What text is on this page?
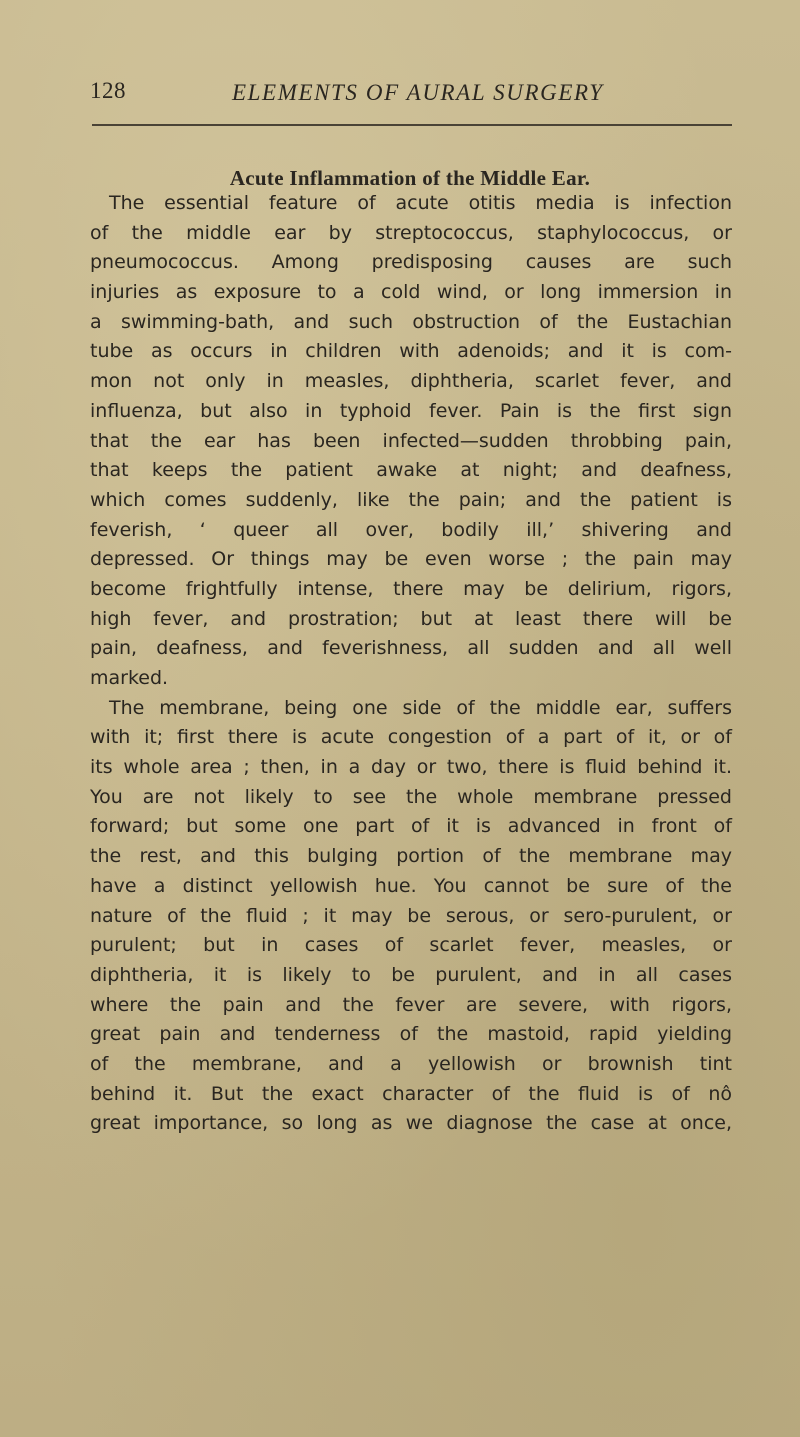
128	ELEMENTS OF AURAL SURGERY
Acute Inflammation of the Middle Ear.
The essential feature of acute otitis media is infection
of the middle ear by streptococcus, staphylococcus, or
pneumococcus. Among predisposing causes are such
injuries as exposure to a cold wind, or long immersion in
a swimming-bath, and such obstruction of the Eustachian
tube as occurs in children with adenoids; and it is com-
mon not only in measles, diphtheria, scarlet fever, and
influenza, but also in typhoid fever. Pain is the first sign
that the ear has been infected—sudden throbbing pain,
that keeps the patient awake at night; and deafness,
which comes suddenly, like the pain; and the patient is
feverish, ‘ queer all over, bodily ill,’ shivering and
depressed. Or things may be even worse ; the pain may
become frightfully intense, there may be delirium, rigors,
high fever, and prostration; but at least there will be
pain, deafness, and feverishness, all sudden and all well
marked.
The membrane, being one side of the middle ear, suffers
with it; first there is acute congestion of a part of it, or of
its whole area ; then, in a day or two, there is fluid behind it.
You are not likely to see the whole membrane pressed
forward; but some one part of it is advanced in front of
the rest, and this bulging portion of the membrane may
have a distinct yellowish hue. You cannot be sure of the
nature of the fluid ; it may be serous, or sero-purulent, or
purulent; but in cases of scarlet fever, measles, or
diphtheria, it is likely to be purulent, and in all cases
where the pain and the fever are severe, with rigors,
great pain and tenderness of the mastoid, rapid yielding
of the membrane, and a yellowish or brownish tint
behind it. But the exact character of the fluid is of nô
great importance, so long as we diagnose the case at once,
